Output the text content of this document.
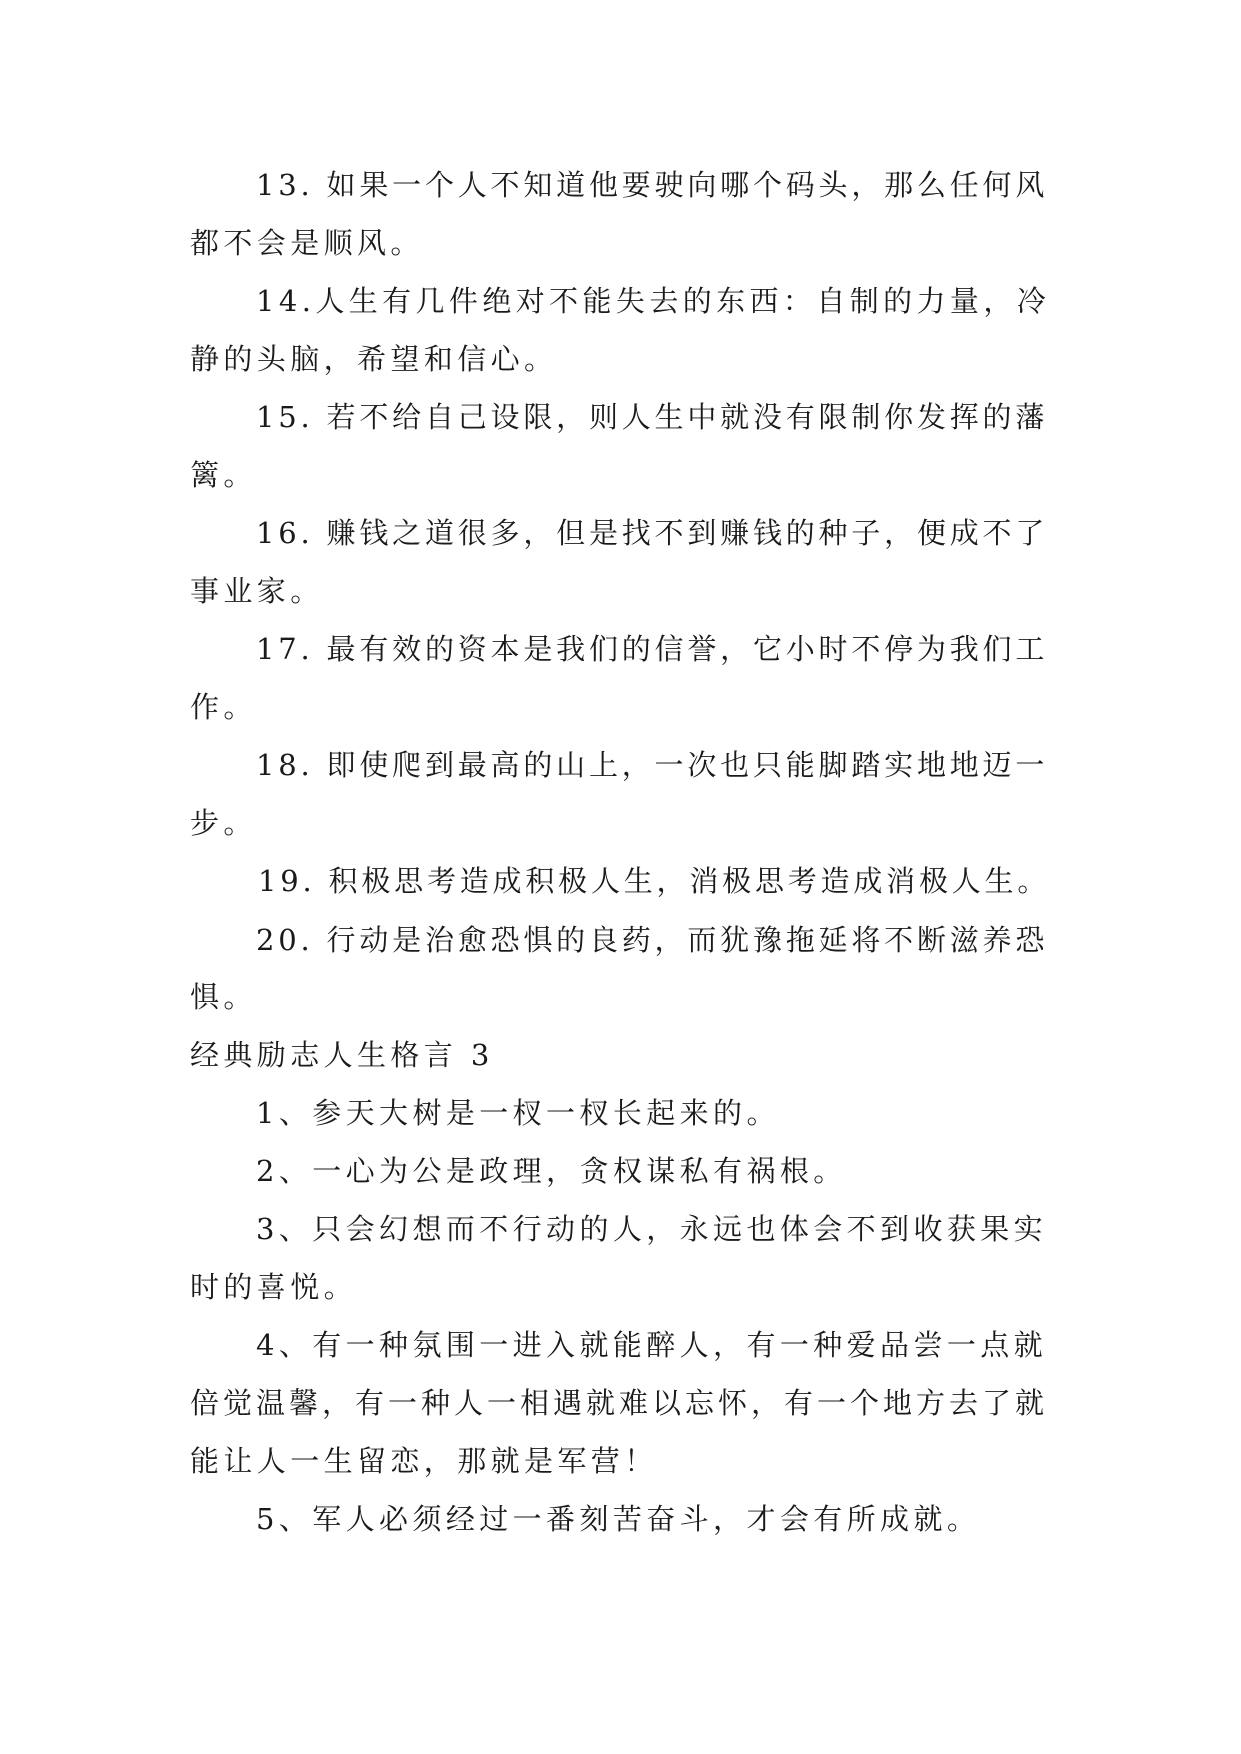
13. 如果一个人不知道他要驶向哪个码头，那么任何风
都不会是顺风。
14.人生有几件绝对不能失去的东西：自制的力量，冷
静的头脑，希望和信心。
15. 若不给自己设限，则人生中就没有限制你发挥的藩
篱。
16. 赚钱之道很多，但是找不到赚钱的种子，便成不了
事业家。
17. 最有效的资本是我们的信誉，它小时不停为我们工
作。
18. 即使爬到最高的山上，一次也只能脚踏实地地迈一
步。
19. 积极思考造成积极人生，消极思考造成消极人生。
20. 行动是治愈恐惧的良药，而犹豫拖延将不断滋养恐
惧。
经典励志人生格言 3
1、参天大树是一杈一杈长起来的。
2、一心为公是政理，贪权谋私有祸根。
3、只会幻想而不行动的人，永远也体会不到收获果实
时的喜悦。
4、有一种氛围一进入就能醉人，有一种爱品尝一点就
倍觉温馨，有一种人一相遇就难以忘怀，有一个地方去了就
能让人一生留恋，那就是军营！
5、军人必须经过一番刻苦奋斗，才会有所成就。
